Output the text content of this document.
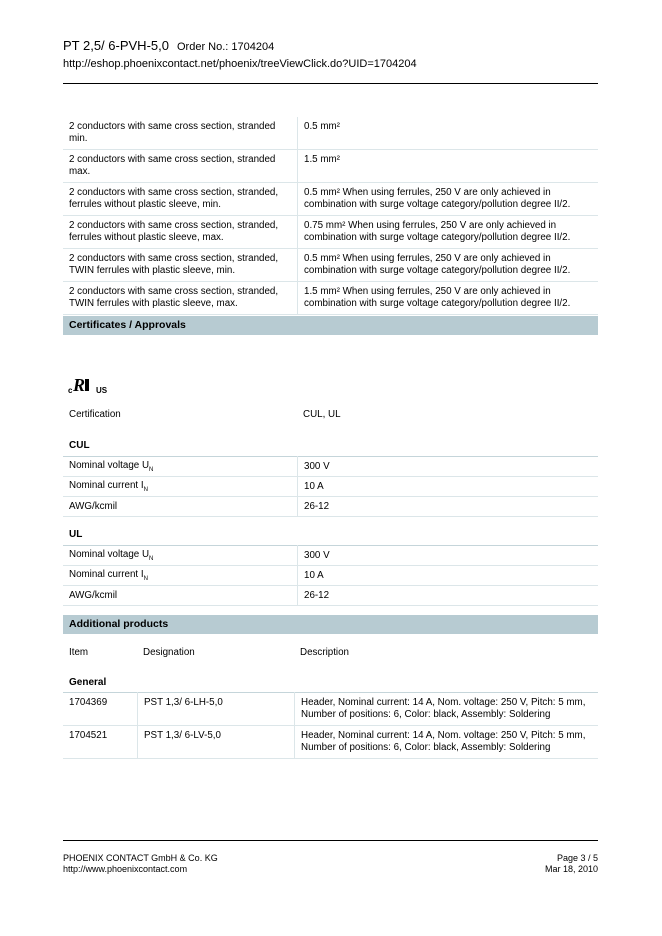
PT 2,5/ 6-PVH-5,0 Order No.: 1704204
http://eshop.phoenixcontact.net/phoenix/treeViewClick.do?UID=1704204
2 conductors with same cross section, stranded
min.	0.5 mm²

2 conductors with same cross section, stranded
max.	1.5 mm²

2 conductors with same cross section, stranded,
ferrules without plastic sleeve, min.	0.5 mm² When using ferrules, 250 V are only achieved in
combination with surge voltage category/pollution degree II/2.
2 conductors with same cross section, stranded,
ferrules without plastic sleeve, max.	0.75 mm² When using ferrules, 250 V are only achieved in
combination with surge voltage category/pollution degree II/2.
2 conductors with same cross section, stranded,
TWIN ferrules with plastic sleeve, min.	0.5 mm² When using ferrules, 250 V are only achieved in
combination with surge voltage category/pollution degree II/2.
2 conductors with same cross section, stranded,
TWIN ferrules with plastic sleeve, max.	1.5 mm² When using ferrules, 250 V are only achieved in
combination with surge voltage category/pollution degree II/2.
Certificates / Approvals
c R US
Certification	CUL, UL
CUL
Nominal voltage $U_N$	300 V
Nominal current $I_N$	10 A
AWG/kcmil	26-12
UL
Nominal voltage $U_N$	300 V
Nominal current $I_N$	10 A
AWG/kcmil	26-12
Additional products
Item	Designation	Description
General
1704369	PST 1,3/ 6-LH-5,0	Header, Nominal current: 14 A, Nom. voltage: 250 V, Pitch: 5 mm,
Number of positions: 6, Color: black, Assembly: Soldering
1704521	PST 1,3/ 6-LV-5,0	Header, Nominal current: 14 A, Nom. voltage: 250 V, Pitch: 5 mm,
Number of positions: 6, Color: black, Assembly: Soldering
PHOENIX CONTACT GmbH & Co. KG
http://www.phoenixcontact.com
Page 3 / 5
Mar 18, 2010
